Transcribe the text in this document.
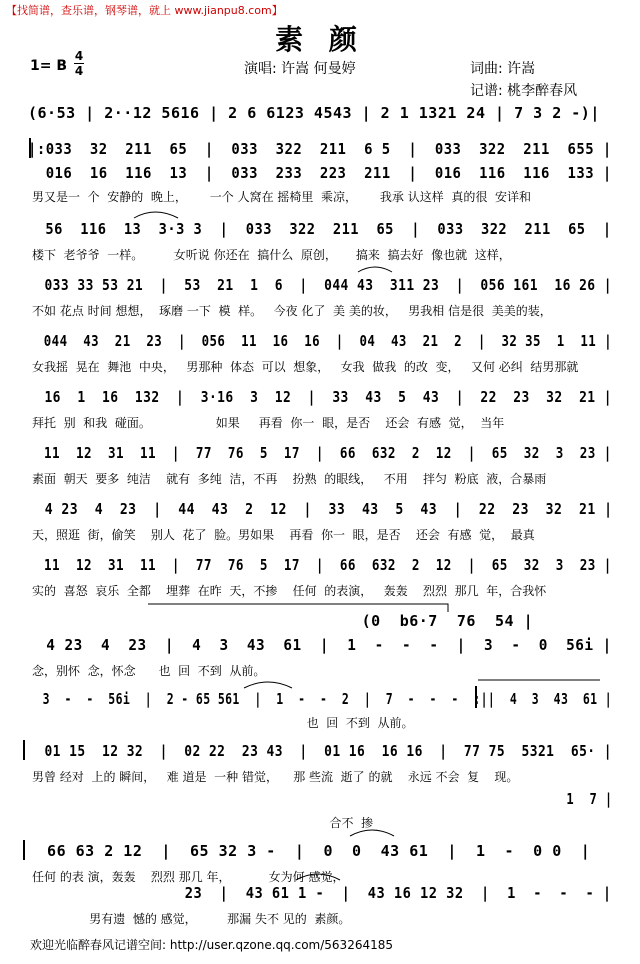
【找简谱，查乐谱，钢琴谱，就上 www.jianpu8.com】
素 颜
1= B
4
4	演唱: 许嵩 何曼婷	词曲: 许嵩
记谱: 桃李醉春风
(6·53 | 2··12 5616 | 2 6 6123 4543 | 2 1 1321 24 | 7 3 2 -)|
|:033  32  211  65  |  033  322  211  6 5  |  033  322  211  655 |
016  16  116  13  |  033  233  223  211  |  016  116  116  133 |
男又是一  个  安静的  晚上，      一个 人窝在 摇椅里  乘凉，      我承 认这样  真的很  安详和
56  116  13  3·3 3  |  033  322  211  65  |  033  322  211  65  |
楼下  老爷爷  一样。        女听说 你还在  搞什么  原创，     搞来  搞去好  像也就  这样，
033 33 53 21  |  53  21  1  6  |  044 43  311 23  |  056 161  16 26 |
不如 花点 时间 想想，  琢磨 一下  模  样。   今夜 化了  美 美的妆，   男我相 信是很  美美的装，
044  43  21  23  |  056  11  16  16  |  04  43  21  2  |  32 35  1  11 |
女我摇  晃在  舞池  中央，   男那种  体态  可以  想象，   女我  做我  的改  变，   又何 必纠  结男那就
16  1  16  132  |  3·16  3  12  |  33  43  5  43  |  22  23  32  21 |
拜托  别  和我  碰面。                 如果     再看  你一  眼，是否    还会  有感  觉，  当年
11  12  31  11  |  77  76  5  17  |  66  632  2  12  |  65  32  3  23 |
素面  朝天  要多  纯洁    就有  多纯  洁，不再    扮熟  的眼线，   不用    拌匀  粉底  液，合暴雨
4 23  4  23  |  44  43  2  12  |  33  43  5  43  |  22  23  32  21 |
天，照逛  街，偷笑    别人  花了  脸。男如果    再看  你一  眼，是否    还会  有感  觉，  最真
11  12  31  11  |  77  76  5  17  |  66  632  2  12  |  65  32  3  23 |
实的  喜怒  哀乐  全都    埋葬  在昨  天，不掺    任何  的表演，   轰轰    烈烈  那几  年，合我怀
(0  b6·7  76  54 |
4 23  4  23  |  4  3  43  61  |  1  -  -  -  |  3  -  0  56i |
念，别怀  念，怀念      也  回  不到  从前。
3  -  -  56i  |  2 - 65 561  |  1  -  -  2  |  7  -  -  -  :||  4  3  43  61 |
也  回  不到  从前。
01 15  12 32  |  02 22  23 43  |  01 16  16 16  |  77 75  5321  65· |
男曾 经对  上的 瞬间，   难 道是  一种 错觉，    那 些流  逝了 的就    永远 不会  复    现。
1  7 |
合不  掺
66 63 2 12  |  65 32 3 -  |  0  0  43 61  |  1  -  0 0  |
任何 的表 演，轰轰    烈烈 那几 年，          女为何 感觉，
23  |  43 61 1 -  |  43 16 12 32  |  1  -  -  - |
男有遗  憾的 感觉，        那漏 失不 见的  素颜。
欢迎光临醉春风记谱空间: http://user.qzone.qq.com/563264185
